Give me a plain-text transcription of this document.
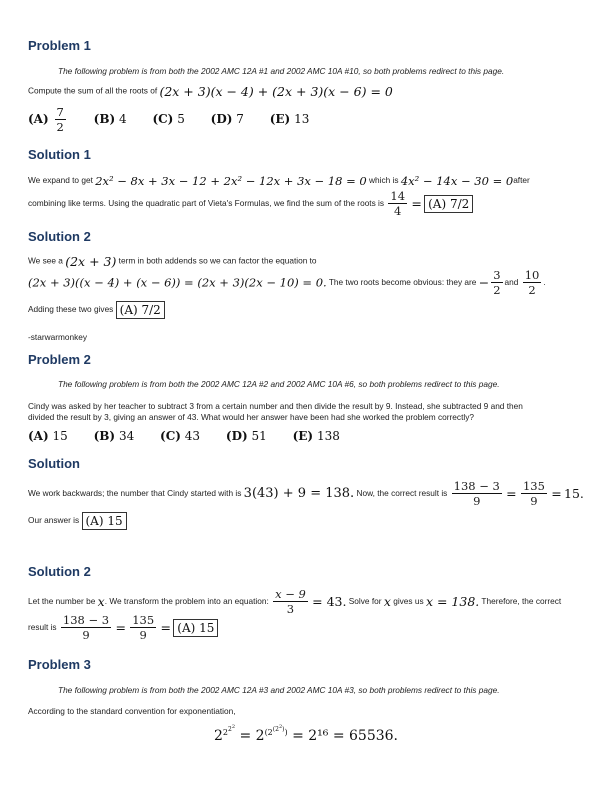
Problem 1
The following problem is from both the 2002 AMC 12A #1 and 2002 AMC 10A #10, so both problems redirect to this page.
Compute the sum of all the roots of (2x + 3)(x − 4) + (2x + 3)(x − 6) = 0
$(A) \frac{7}{2} (B)$ 4 (C) 5 (D) 7 (E) 13
Solution 1
We expand to get 2x² − 8x + 3x − 12 + 2x² − 12x + 3x − 18 = 0 which is 4x² − 14x − 30 = 0after
combining like terms. Using the quadratic part of Vieta's Formulas, we find the sum of the roots is $\frac{14}{4} = (A)$ 7/2
Solution 2
We see a (2x + 3) term in both addends so we can factor the equation to
(2x + 3)((x − 4) + (x − 6)) = (2x + 3)(2x − 10) = 0. The two roots become obvious: they are − $\frac{3}{2}$ and $\frac{10}{2}$ .
Adding these two gives (A) 7/2
-starwarmonkey
Problem 2
The following problem is from both the 2002 AMC 12A #2 and 2002 AMC 10A #6, so both problems redirect to this page.
Cindy was asked by her teacher to subtract 3 from a certain number and then divide the result by 9. Instead, she subtracted 9 and then
divided the result by 3, giving an answer of 43. What would her answer have been had she worked the problem correctly?
(A) 15 (B) 34 (C) 43 (D) 51 (E) 138
Solution
We work backwards; the number that Cindy started with is 3(43) + 9 = 138. Now, the correct result is $\frac{138 - 3}{9} = \frac{135}{9} = 15$.
Our answer is (A) 15
Solution 2
Let the number be x. We transform the problem into an equation: $\frac{x - 9}{3} = 43$. Solve for x gives us x = 138. Therefore, the correct
result is $\frac{138 - 3}{9} = \frac{135}{9} = (A)$ 15
Problem 3
The following problem is from both the 2002 AMC 12A #3 and 2002 AMC 10A #3, so both problems redirect to this page.
According to the standard convention for exponentiation,
$2^{2^{2^2}} = 2^{(2^{(2^2)})} = 2^{16} = 65536$.
